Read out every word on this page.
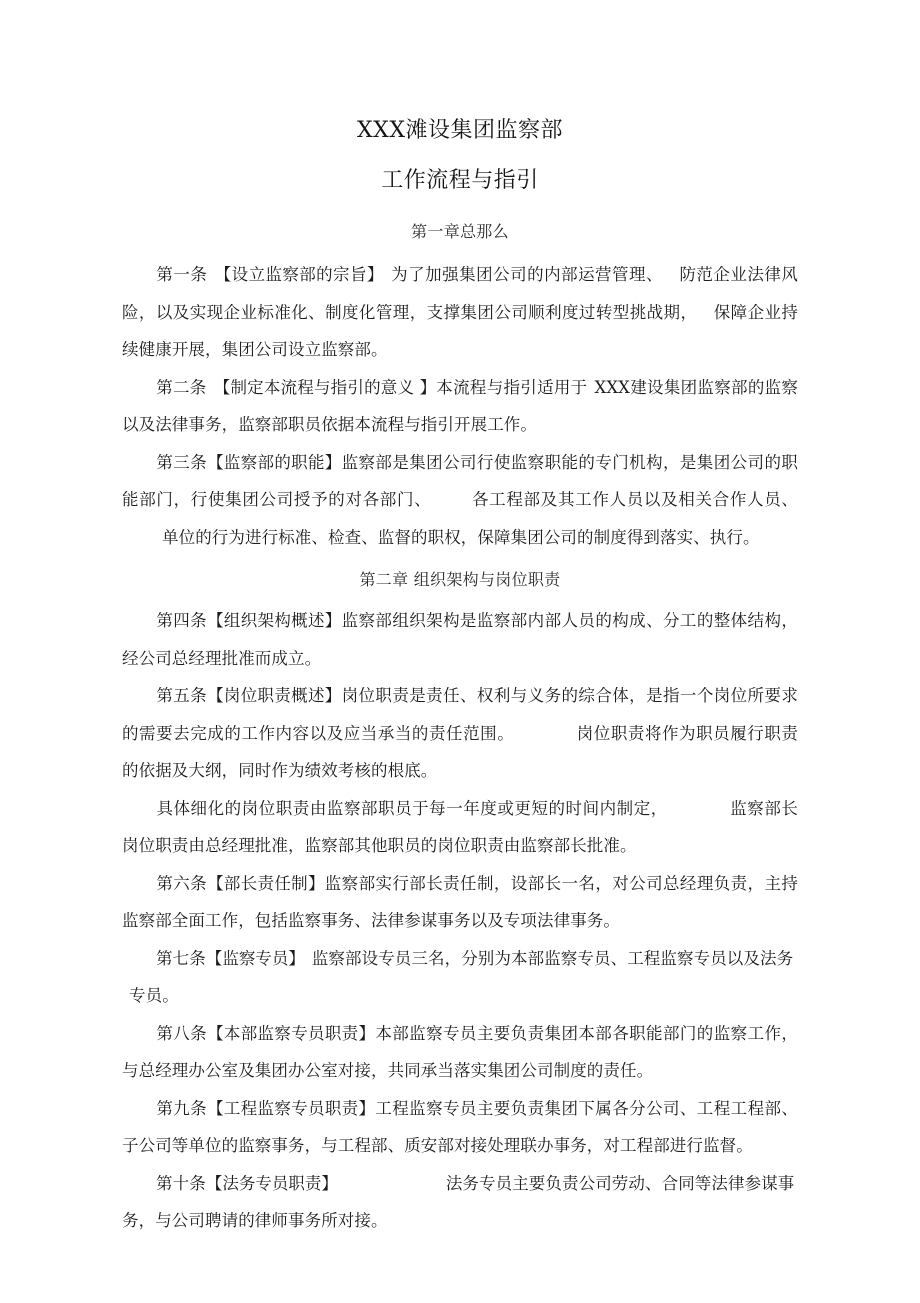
XXX滩设集团监察部
工作流程与指引
第一章总那么
第一条 【设立监察部的宗旨】 为了加强集团公司的内部运营管理、 防范企业法律风险，以及实现企业标准化、制度化管理，支撑集团公司顺利度过转型挑战期， 保障企业持续健康开展，集团公司设立监察部。
第二条 【制定本流程与指引的意义 】本流程与指引适用于 XXX建设集团监察部的监察以及法律事务，监察部职员依据本流程与指引开展工作。
第三条【监察部的职能】监察部是集团公司行使监察职能的专门机构，是集团公司的职能部门，行使集团公司授予的对各部门、 各工程部及其工作人员以及相关合作人员、单位的行为进行标准、检查、监督的职权，保障集团公司的制度得到落实、执行。
第二章 组织架构与岗位职责
第四条【组织架构概述】监察部组织架构是监察部内部人员的构成、分工的整体结构，经公司总经理批准而成立。
第五条【岗位职责概述】岗位职责是责任、权利与义务的综合体，是指一个岗位所要求的需要去完成的工作内容以及应当承当的责任范围。	岗位职责将作为职员履行职责的依据及大纲，同时作为绩效考核的根底。
具体细化的岗位职责由监察部职员于每一年度或更短的时间内制定，	监察部长岗位职责由总经理批准，监察部其他职员的岗位职责由监察部长批准。
第六条【部长责任制】监察部实行部长责任制，设部长一名，对公司总经理负责，主持监察部全面工作，包括监察事务、法律参谋事务以及专项法律事务。
第七条【监察专员】 监察部设专员三名，分别为本部监察专员、工程监察专员以及法务专员。
第八条【本部监察专员职责】本部监察专员主要负责集团本部各职能部门的监察工作，与总经理办公室及集团办公室对接，共同承当落实集团公司制度的责任。
第九条【工程监察专员职责】工程监察专员主要负责集团下属各分公司、工程工程部、子公司等单位的监察事务，与工程部、质安部对接处理联办事务，对工程部进行监督。
第十条【法务专员职责】	法务专员主要负责公司劳动、合同等法律参谋事务，与公司聘请的律师事务所对接。
